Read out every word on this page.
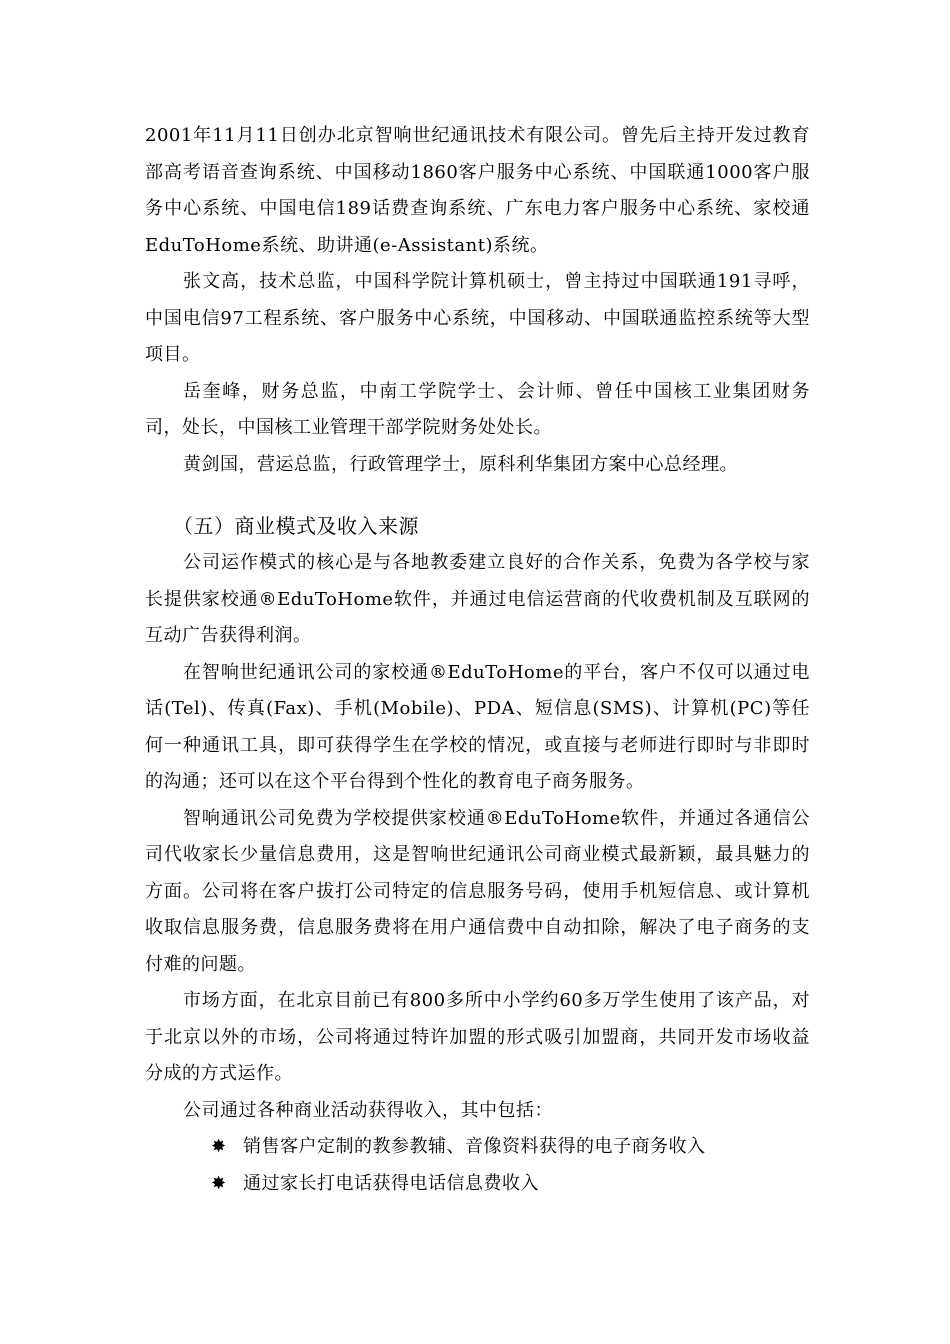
2001年11月11日创办北京智响世纪通讯技术有限公司。曾先后主持开发过教育部高考语音查询系统、中国移动1860客户服务中心系统、中国联通1000客户服务中心系统、中国电信189话费查询系统、广东电力客户服务中心系统、家校通EduToHome系统、助讲通(e-Assistant)系统。

张文高，技术总监，中国科学院计算机硕士，曾主持过中国联通191寻呼，中国电信97工程系统、客户服务中心系统，中国移动、中国联通监控系统等大型项目。

岳奎峰，财务总监，中南工学院学士、会计师、曾任中国核工业集团财务司，处长，中国核工业管理干部学院财务处处长。

黄剑国，营运总监，行政管理学士，原科利华集团方案中心总经理。

（五）商业模式及收入来源

公司运作模式的核心是与各地教委建立良好的合作关系，免费为各学校与家长提供家校通®EduToHome软件，并通过电信运营商的代收费机制及互联网的互动广告获得利润。

在智响世纪通讯公司的家校通®EduToHome的平台，客户不仅可以通过电话(Tel)、传真(Fax)、手机(Mobile)、PDA、短信息(SMS)、计算机(PC)等任何一种通讯工具，即可获得学生在学校的情况，或直接与老师进行即时与非即时的沟通；还可以在这个平台得到个性化的教育电子商务服务。

智响通讯公司免费为学校提供家校通®EduToHome软件，并通过各通信公司代收家长少量信息费用，这是智响世纪通讯公司商业模式最新颖，最具魅力的方面。公司将在客户拔打公司特定的信息服务号码，使用手机短信息、或计算机收取信息服务费，信息服务费将在用户通信费中自动扣除，解决了电子商务的支付难的问题。

市场方面，在北京目前已有800多所中小学约60多万学生使用了该产品，对于北京以外的市场，公司将通过特许加盟的形式吸引加盟商，共同开发市场收益分成的方式运作。

公司通过各种商业活动获得收入，其中包括：

✸ 销售客户定制的教参教辅、音像资料获得的电子商务收入
✸ 通过家长打电话获得电话信息费收入
